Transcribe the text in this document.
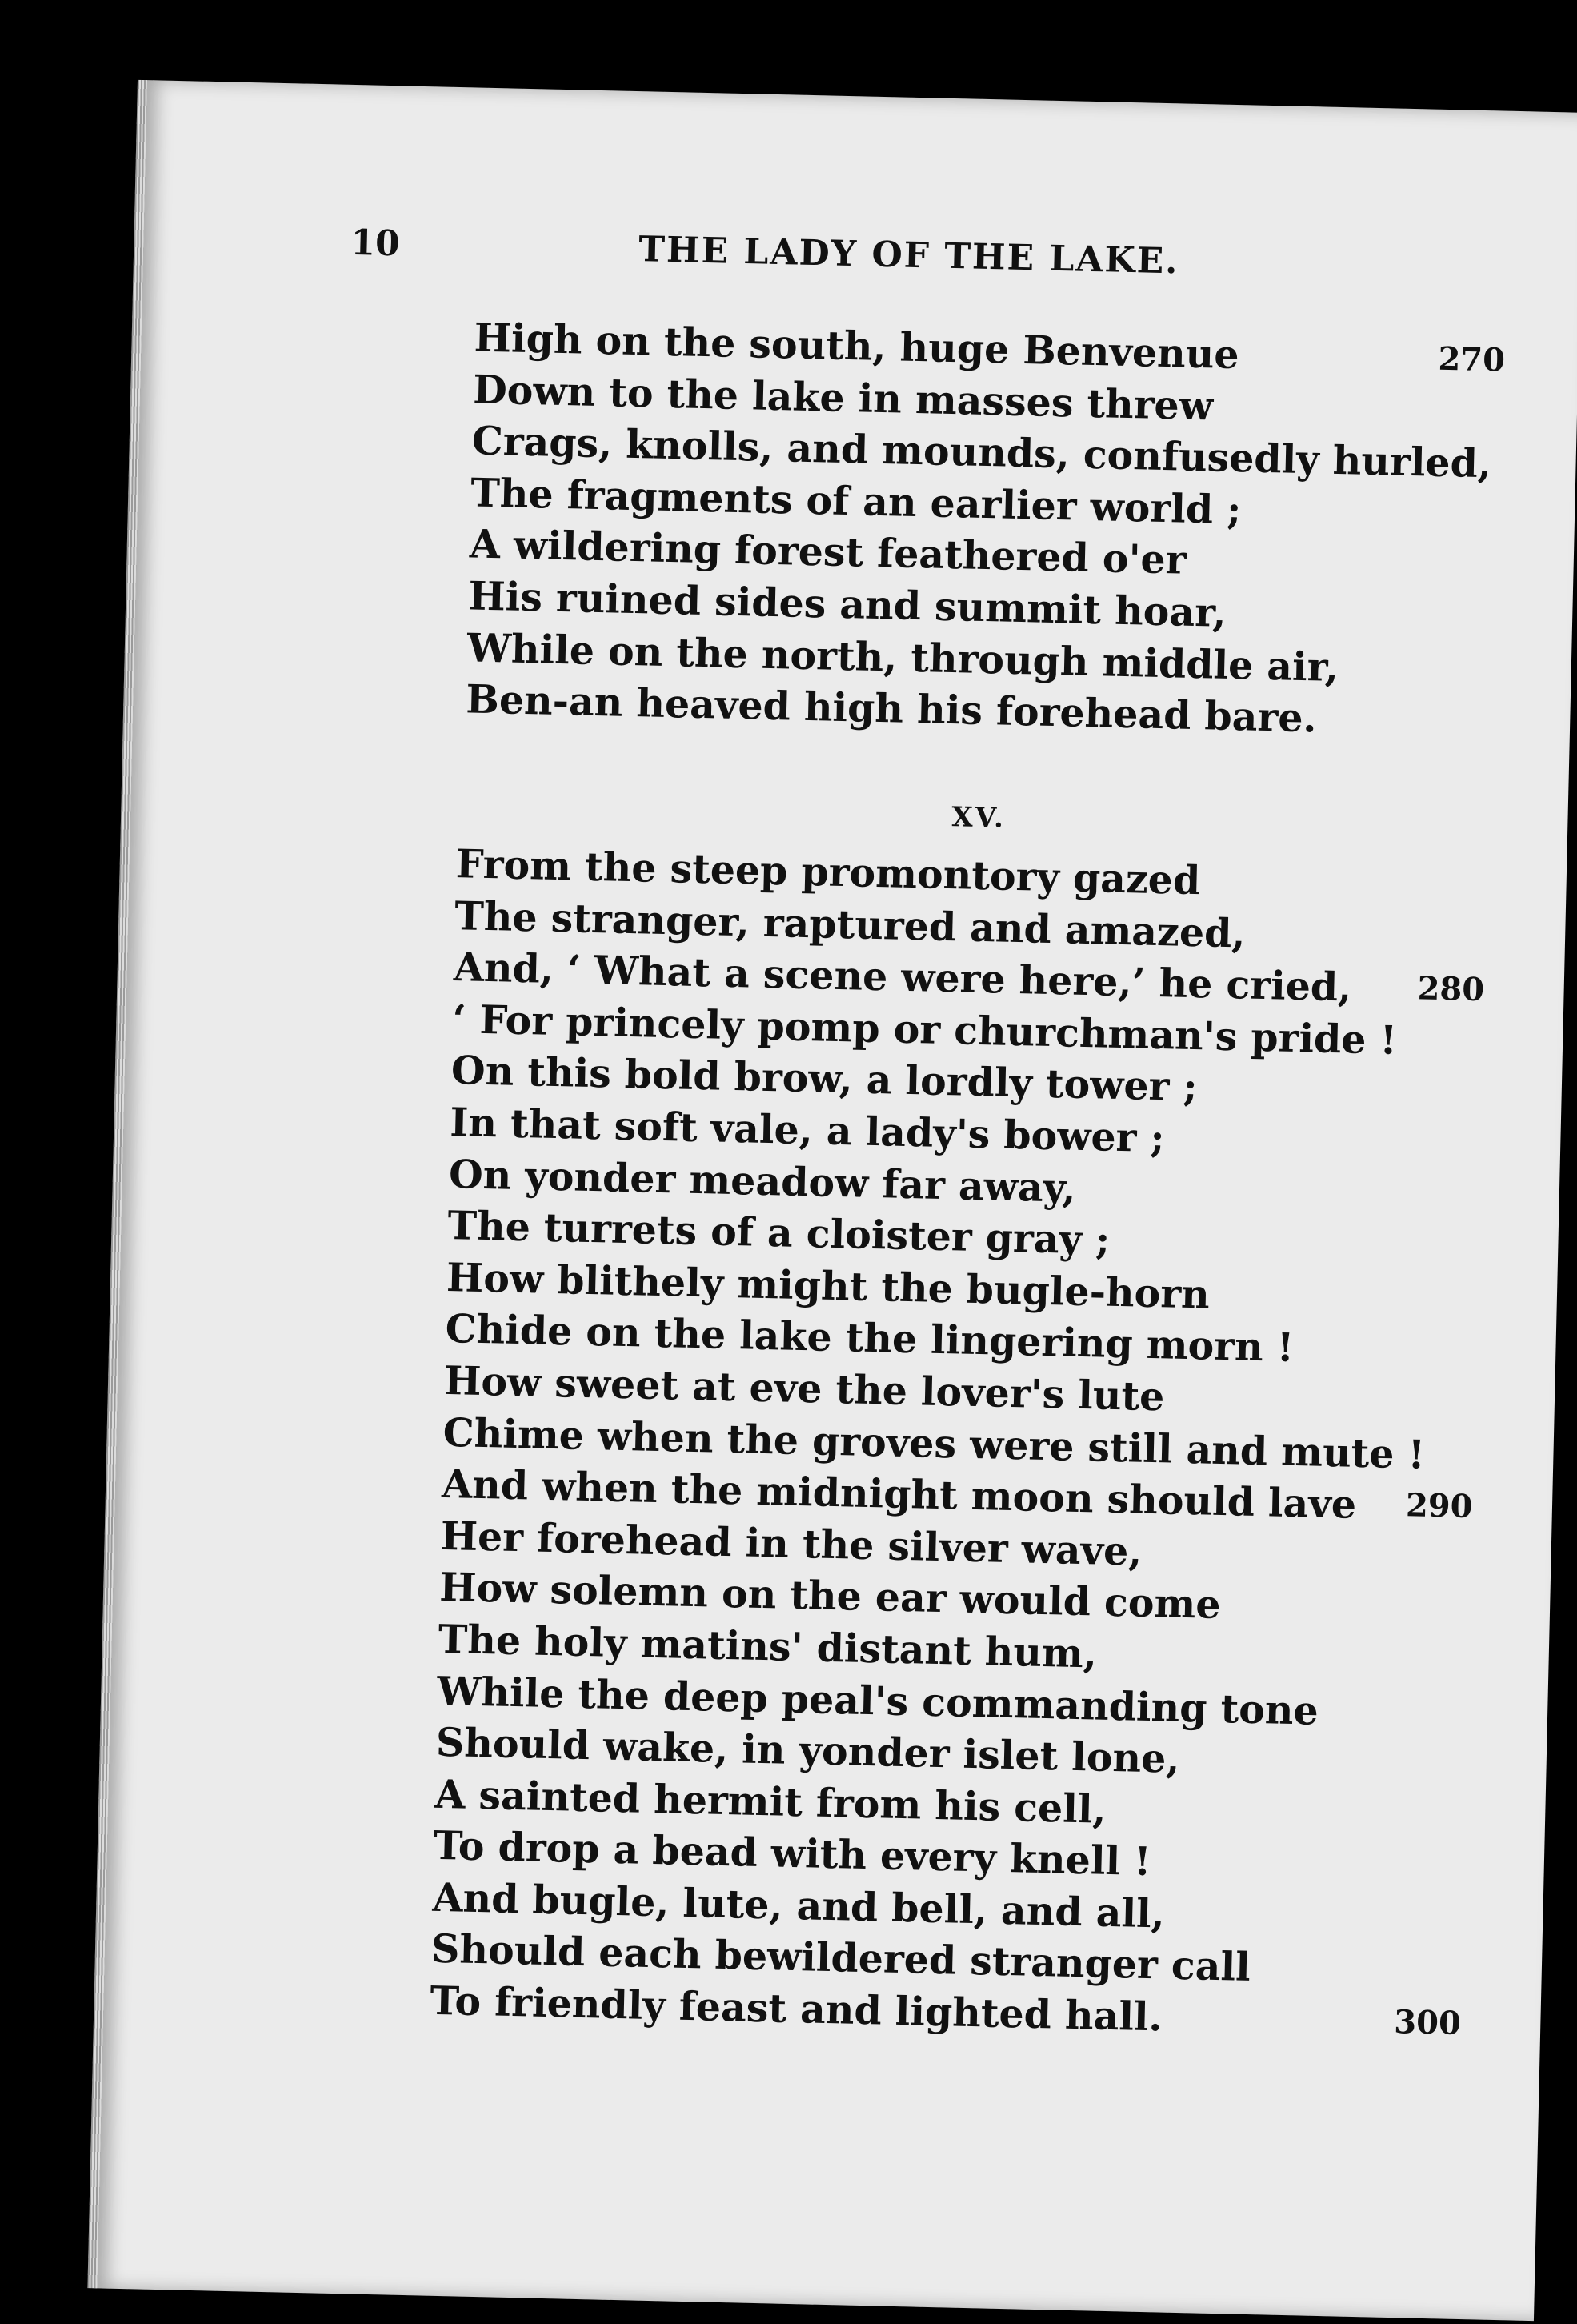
10	THE LADY OF THE LAKE.
High on the south, huge Benvenue	270
Down to the lake in masses threw
Crags, knolls, and mounds, confusedly hurled,
The fragments of an earlier world ;
A wildering forest feathered o'er
His ruined sides and summit hoar,
While on the north, through middle air,
Ben-an heaved high his forehead bare.
XV.
From the steep promontory gazed
The stranger, raptured and amazed,
And, ‘ What a scene were here,’ he cried, 280
‘ For princely pomp or churchman's pride !
On this bold brow, a lordly tower ;
In that soft vale, a lady's bower ;
On yonder meadow far away,
The turrets of a cloister gray ;
How blithely might the bugle-horn
Chide on the lake the lingering morn !
How sweet at eve the lover's lute
Chime when the groves were still and mute !
And when the midnight moon should lave 290
Her forehead in the silver wave,
How solemn on the ear would come
The holy matins' distant hum,
While the deep peal's commanding tone
Should wake, in yonder islet lone,
A sainted hermit from his cell,
To drop a bead with every knell !
And bugle, lute, and bell, and all,
Should each bewildered stranger call
To friendly feast and lighted hall.	300
